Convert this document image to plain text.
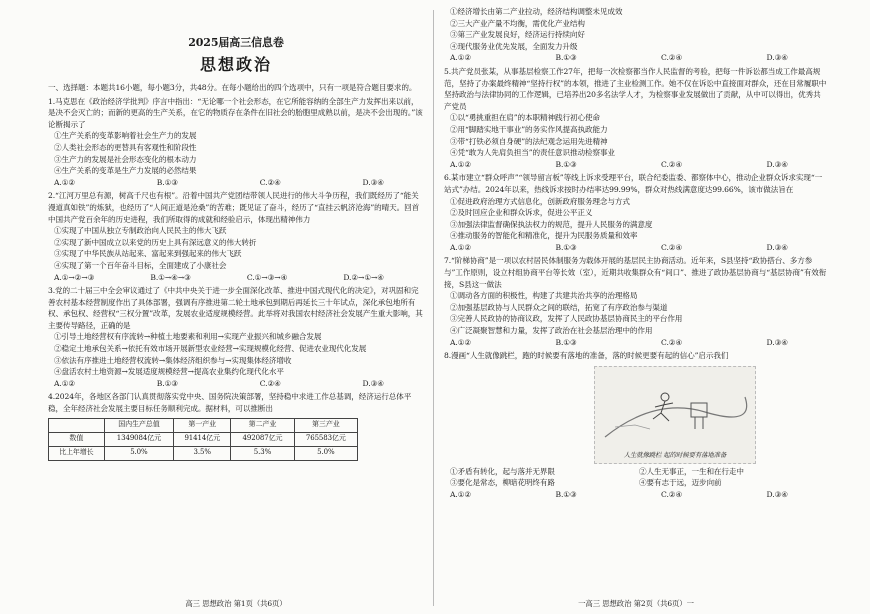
2025届高三信息卷
思想政治

一、选择题：本题共16小题，每小题3分，共48分。在每小题给出的四个选项中，只有一项是符合题目要求的。

1.马克思在《政治经济学批判》序言中指出：“无论哪一个社会形态，在它所能容纳的全部生产力发挥出来以前，是决不会灭亡的；而新的更高的生产关系，在它的物质存在条件在旧社会的胎胞里成熟以前，是决不会出现的。”该论断揭示了

①生产关系的变革影响着社会生产力的发展

②人类社会形态的更替具有客观性和阶段性

③生产力的发展是社会形态变化的根本动力

④生产关系的变革是生产力发展的必然结果

A.①②	B.①③	C.②④	D.③④

2.“江河万里总有源，树高千尺也有根”。沿着中国共产党团结带领人民进行的伟大斗争历程，我们既经历了“能关漫道真如铁”的炼狱，也经历了“人间正道是沧桑”的苦难；既见证了奋斗，经历了“直挂云帆济沧海”的晴天。回首中国共产党百余年的历史进程，我们所取得的成就和经验启示，体现出精神伟力

①实现了中国从独立专制政治向人民民主的伟大飞跃

②实现了新中国成立以来党的历史上具有深远意义的伟大转折

③实现了中华民族从站起来、富起来到强起来的伟大飞跃

④实现了第一个百年奋斗目标，全面建成了小康社会

A.①→②→③	B.①→④→③	C.①→③→④	D.②→①→④

3.党的二十届三中全会审议通过了《中共中央关于进一步全面深化改革、推进中国式现代化的决定》，对巩固和完善农村基本经营制度作出了具体部署，强调有序推进第二轮土地承包到期后再延长三十年试点，深化承包地所有权、承包权、经营权“三权分置”改革，发展农业适度规模经营。此举将对我国农村经济社会发展产生重大影响，其主要传导路径，正确的是

①引导土地经营权有序流转→种植土地要素和利用→实现产业振兴和城乡融合发展

②稳定土地承包关系→依托有效市场开展新型农业经营→实现规模化经营、促进农业现代化发展

③依法有序推进土地经营权流转→集体经济组织参与→实现集体经济增收

④盘活农村土地资源→发展适度规模经营→提高农业集约化现代化水平

A.①②	B.①③	C.②④	D.③④

4.2024年，各地区各部门认真贯彻落实党中央、国务院决策部署，坚持稳中求进工作总基调，经济运行总体平稳，全年经济社会发展主要目标任务顺利完成。据材料，可以推断出

	国内生产总值	第一产业	第二产业	第三产业
数值	1349084亿元	91414亿元	492087亿元	765583亿元
比上年增长	5.0%	3.5%	5.3%	5.0%
高三 思想政治 第1页（共6页）

①经济增长由第二产业拉动，经济结构调整未见成效

②三大产业产量不均衡，需优化产业结构

③第三产业发展良好，经济运行持续向好

④现代服务业优先发展，全面发力升级

A.①②	B.①③	C.②④	D.③④

5.共产党员张某，从事基层检察工作27年，把每一次检察都当作人民监督的考验，把每一件诉讼都当成工作最高规范，坚持了办案最终精神“坚持行权”的本领，推进了主业检测工作。她不仅在诉讼中直接面对群众，还在目常履职中坚持政治与法律协同的工作逻辑，已培养出20多名法学人才，为检察事业发展做出了贡献，从中可以得出，优秀共产党员

①以“勇挑重担在肩”的本职精神践行初心使命

②用“脚踏实地干事业”的务实作风提高执政能力

③带“打铁必须自身硬”的法纪观念运用先进精神

④凭“敢为人先肩负担当”的责任意识推动检察事业

A.①②	B.①③	C.②④	D.③④

6.某市建立“群众呼声”“领导留言板”等线上诉求受理平台，联合纪委监委、都察体中心，推动企业群众诉求实现“一站式”办结。2024年以来，热线诉求按时办结率达99.99%，群众对热线满意度达99.66%，该市做法旨在

①促进政府治理方式信息化，创新政府服务理念与方式

②及时回应企业和群众诉求，促进公平正义

③加强法律监督确保执法权力的规范，提升人民服务的满意度

④推动服务的智能化和精准化，提升为民服务质量和效率

A.①②	B.①③	C.②④	D.③④

7.“阶梯协商”是一项以农村居民体制服务为载体开展的基层民主协商活动。近年来，S县坚持“政协搭台、多方参与”工作原则，设立村组协商平台等长效（室），近期共收集群众有“间口”、推进了政协基层协商与“基层协商”有效衔接，S县这一做法

①调动各方面的积极性，构建了共建共治共享的治理格局

②加强基层政协与人民群众之间的联结，拓宽了有序政治参与渠道

③完善人民政协的协商议政，发挥了人民政协基层协商民主的平台作用

④广泛凝聚智慧和力量，发挥了政治在社会基层治理中的作用

A.①②	B.①③	C.②④	D.③④

8.漫画“人生就像跳栏，跑的时候要有落地的准备，落的时候更要有起的信心”启示我们

人生就像跳栏 起的时候要有落地准备
①矛盾有转化，起与落并无界限	②人生无事正，一生和在行走中
③要化是常态，柳暗花明终有路	④要有志于远，迈步向前
A.①②	B.①③	C.②④	D.③④
一高三 思想政治 第2页（共6页）一
